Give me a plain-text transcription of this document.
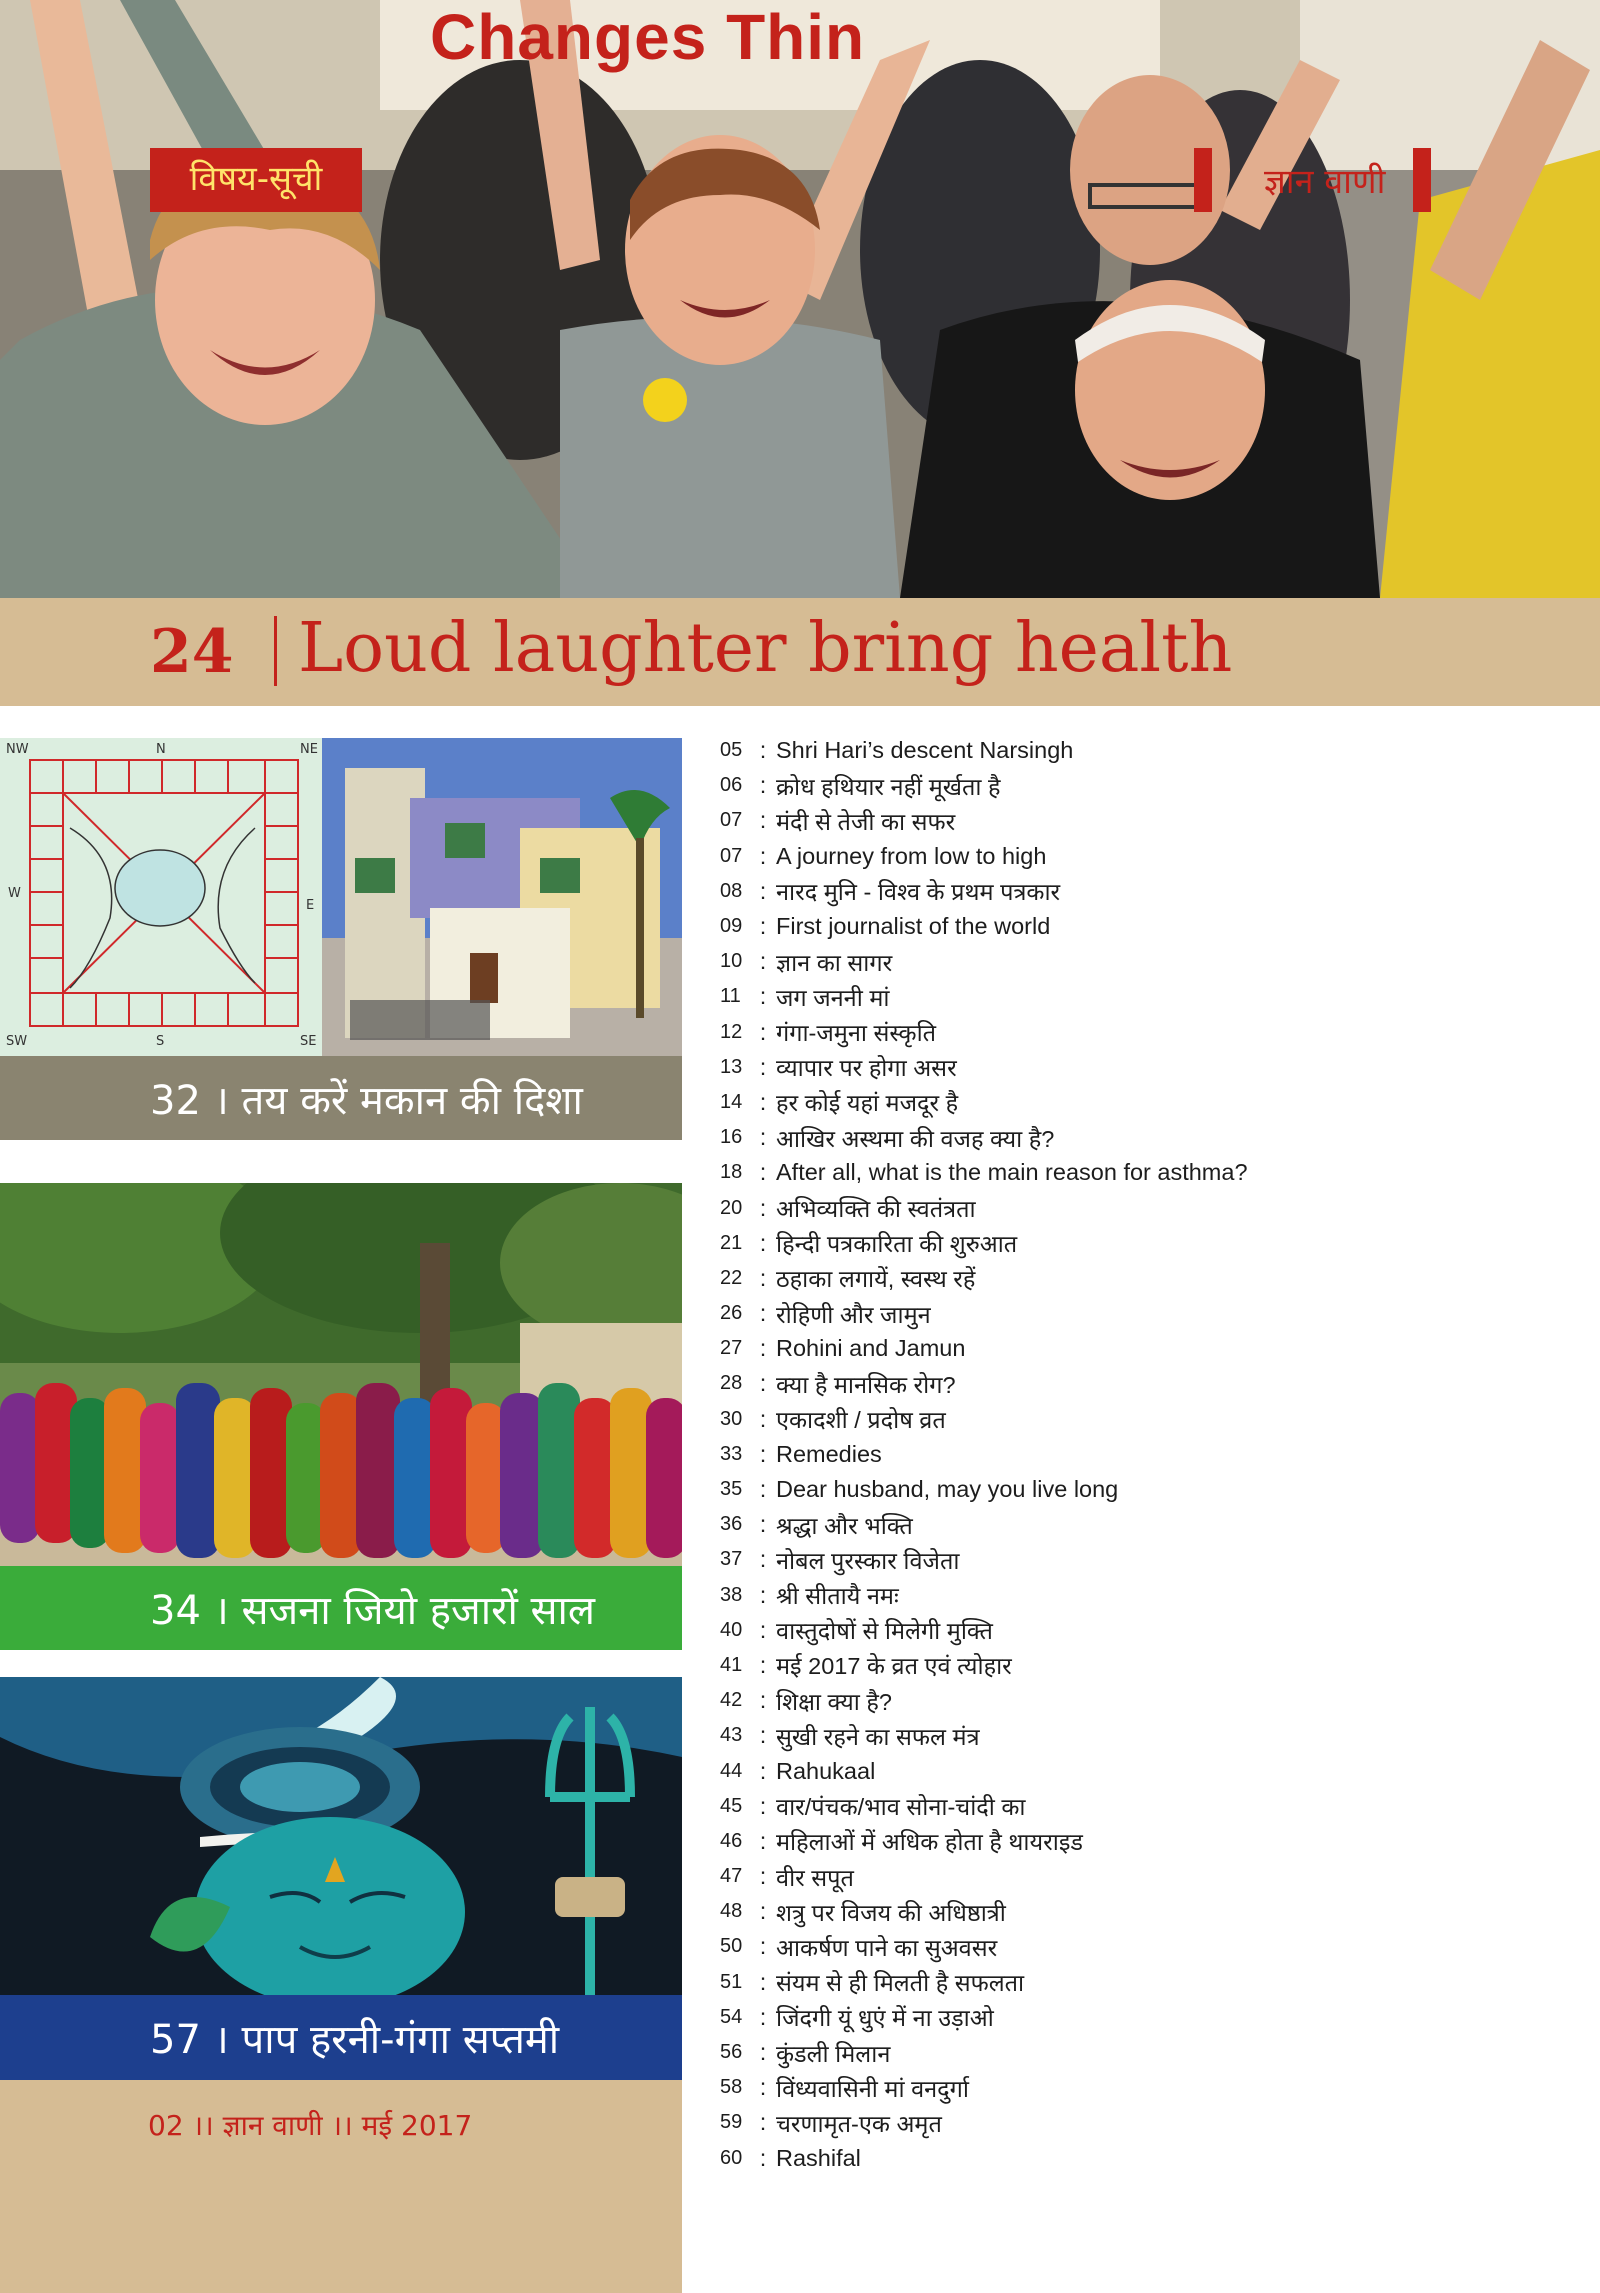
Changes Thin
विषय-सूची	ज्ञान वाणी
24 Loud laughter bring health
NW	N	NE
W
E
SW	S	SE
32 । तय करें मकान की दिशा
34 । सजना जियो हजारों साल
57 । पाप हरनी-गंगा सप्तमी
02 ।। ज्ञान वाणी ।। मई 2017
05 : Shri Hari’s descent Narsingh
06 : क्रोध हथियार नहीं मूर्खता है
07 : मंदी से तेजी का सफर
07 : A journey from low to high
08 : नारद मुनि - विश्व के प्रथम पत्रकार
09 : First journalist of the world
10 : ज्ञान का सागर
11 : जग जननी मां
12 : गंगा-जमुना संस्कृति
13 : व्यापार पर होगा असर
14 : हर कोई यहां मजदूर है
16 : आखिर अस्थमा की वजह क्या है?
18 : After all, what is the main reason for asthma?
20 : अभिव्यक्ति की स्वतंत्रता
21 : हिन्दी पत्रकारिता की शुरुआत
22 : ठहाका लगायें, स्वस्थ रहें
26 : रोहिणी और जामुन
27 : Rohini and Jamun
28 : क्या है मानसिक रोग?
30 : एकादशी / प्रदोष व्रत
33 : Remedies
35 : Dear husband, may you live long
36 : श्रद्धा और भक्ति
37 : नोबल पुरस्कार विजेता
38 : श्री सीतायै नमः
40 : वास्तुदोषों से मिलेगी मुक्ति
41 : मई 2017 के व्रत एवं त्योहार
42 : शिक्षा क्या है?
43 : सुखी रहने का सफल मंत्र
44 : Rahukaal
45 : वार/पंचक/भाव सोना-चांदी का
46 : महिलाओं में अधिक होता है थायराइड
47 : वीर सपूत
48 : शत्रु पर विजय की अधिष्ठात्री
50 : आकर्षण पाने का सुअवसर
51 : संयम से ही मिलती है सफलता
54 : जिंदगी यूं धुएं में ना उड़ाओ
56 : कुंडली मिलान
58 : विंध्यवासिनी मां वनदुर्गा
59 : चरणामृत-एक अमृत
60 : Rashifal
